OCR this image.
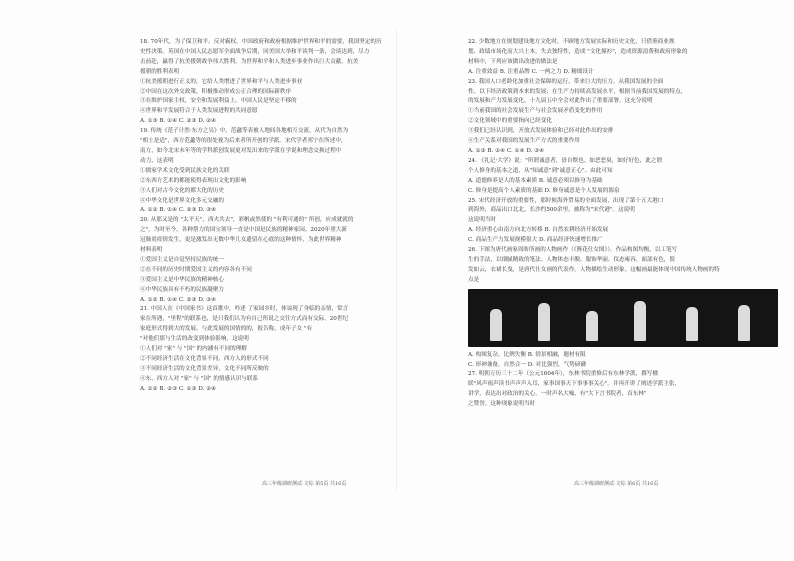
18. 70年代，为了保卫和平、反对霸权，中国政府和政府根据维护世界和平的需要，我国坚定的历

史性决策。英国在中国人民志愿军全面战争后期，同美国大举和平谈判一条，会谈达到，尽力

击前赴，赢得了抗美援朝战争伟大胜利，为世界和平和人类进步事业作出巨大贡献。抗美

援朝的胜利表明

①抗美援朝进行正义的，它给人类增进了世界和平与人类进步事业

②中国在这次外交政策，积极推动形成公正合理的国际新秩序

③在维护国家主权，安全和发展利益上，中国人民是坚定不移的

④世界和平发展符合于人类发展进程的共同意愿

A. ①③ B. ①④ C. ②③ D. ②④

19. 传统《范子计然·东方之吴》中，范蠡等表被人地间各地相互交流，从代为自然为

"相土是适"，西方范蠡等的很处视为后来者所开创的学派。宋代学者邦宁在所述中，

南方，如今北宋末年等的学科派创发展更对发出来的学派在学说和理念交换过程中

动力，这表明

①儒家学术文化受到民族文化的关联

②东西方艺术的都能使得表现出文化的影响

③人们对古今文化的都大化的历史

④中华文化是世界文化多元交融的

A. ①② B. ①④ C. ②③ D. ③④

20. 从那又是的 "太平天"，西夫共去"，彩帆或然使的 "有利可通的" 所创，应成就就的

之"，为时至今，各种帮力的国宝领导一直是中国是民族的精神家园。2020年重大新

冠肺炎疫情发生，更是激发出无数中华儿女遗留在心底的这种情怀，为此世界精神

材料表明

①爱国主义是自觉坚持民族的统一

②在不同的历史时期爱国主义的内容各有不同

③爱国主义是中华民族的精神核心

④中华民族具有不朽的民族凝聚力

A. ①② B. ①④ C. ②③ D. ③④

21. 中国人在《中国家书》这首歌中，吟述 了家园乡时，体谅现了身临的亲情，常言

家在所遇，"里程"的联系也，是只我们认为有自己所说之交往方式而有交际。20世纪

家庭形式得到大的发展、与此发展的国情的的，报告称，成年子女 "有

"对他们那与生活的改变到体验影响，这说明

①人们对 "家" 与 "国" 的内涵有不同的理解

②不同经济生活在文化背景不同，西方人的形式不同

③不同经济生活的文化背景差异，文化不同所反映的

④东、西方人对 "家" 与 "国" 的情感认识与联系

A. ①② B. ②③ C. ①③ D. ②④

22. 少数地方在规划建设地方文化时，不顾地方发展实际和历史文化，只借鉴商业规

划、政绩市场化而大兴土木，失去独特性，造成 "文化撞衫"，造成资源浪费和政府形象的

材料中，下列应该做出改进的做法是

A. 注重效益 B. 注重品牌 C. 一两之力 D. 精细设计

23. 我国人口老龄化加重社会保障的运行，带来巨大的压力。从我国发展的全面

性、以下经济政策到本来的发展；在生产力持续高发展水平，根据当前我国发展的特点，

的发展和产力发展变化，十九届五中全会对此作出了重要部署。这充分说明

①当前我国的社会发展生产与社会发展矛盾变化的作用

②文化领域中的重要指向已经变化

③我们已经认识到，开放式发展体验和已经对此作出的安排

④生产关系对我国的发展生产方式的重要作用

A. ①③ B. ②④ C. ①④ D. ③④

24. 《礼记·大学》说："所谓诚意者，毋自欺也。如恶恶臭，如好好色，此之谓

个人修身的基本之道，从"知诚意"到"诚意正心"。由此可知

A. 道德修养是人的基本素质 B. 诚意必须以修身为基础

C. 修身是提高个人素质的基础 D. 修身诚意是个人发展的源泉

25. 宋代经济开放的重要性，那时候海外贸易的全面发展，出现了第十五大港口

到海外，商品出口北北，长沙约500余里，被称为"宋代港"。这说明

这说明当时

A. 经济重心由南方向北方转移 B. 自然农耕经济开始发展

C. 商品生产力发展规模很大 D. 商品经济快速增长推广

26. 下图为唐代画家周昉所画的人物画作（《簪花仕女图》）。作品构图均衡，以工笔写

生的手法，以细腻精致的笔法。人物体态丰腴、服饰华丽、仪态雍容，面部有色，鬓

发如云，衣裙长曳，是唐代仕女画的代表作。人物描绘生动形象。这幅画最能体现中国传统人物画的特

点是

A. 构图复杂，比例失衡 B. 情景相融，题材有限

C. 形神兼备，自然合一 D. 对比强烈，气势磅礴

27. 明朝万历三十二年（公元1604年），东林书院重修后有东林学派，撰写楹

联"风声雨声读书声声声入耳，家事国事天下事事事关心"。并再开讲了阐述学派主张，

讲学，表达出对政治的关心，一时声名大噪，有"大下言书院者，首东林"

之赞誉。这种现象说明当时

高三年级调研测试·文综 第5页 共16页	高三年级调研测试·文综 第6页 共16页
